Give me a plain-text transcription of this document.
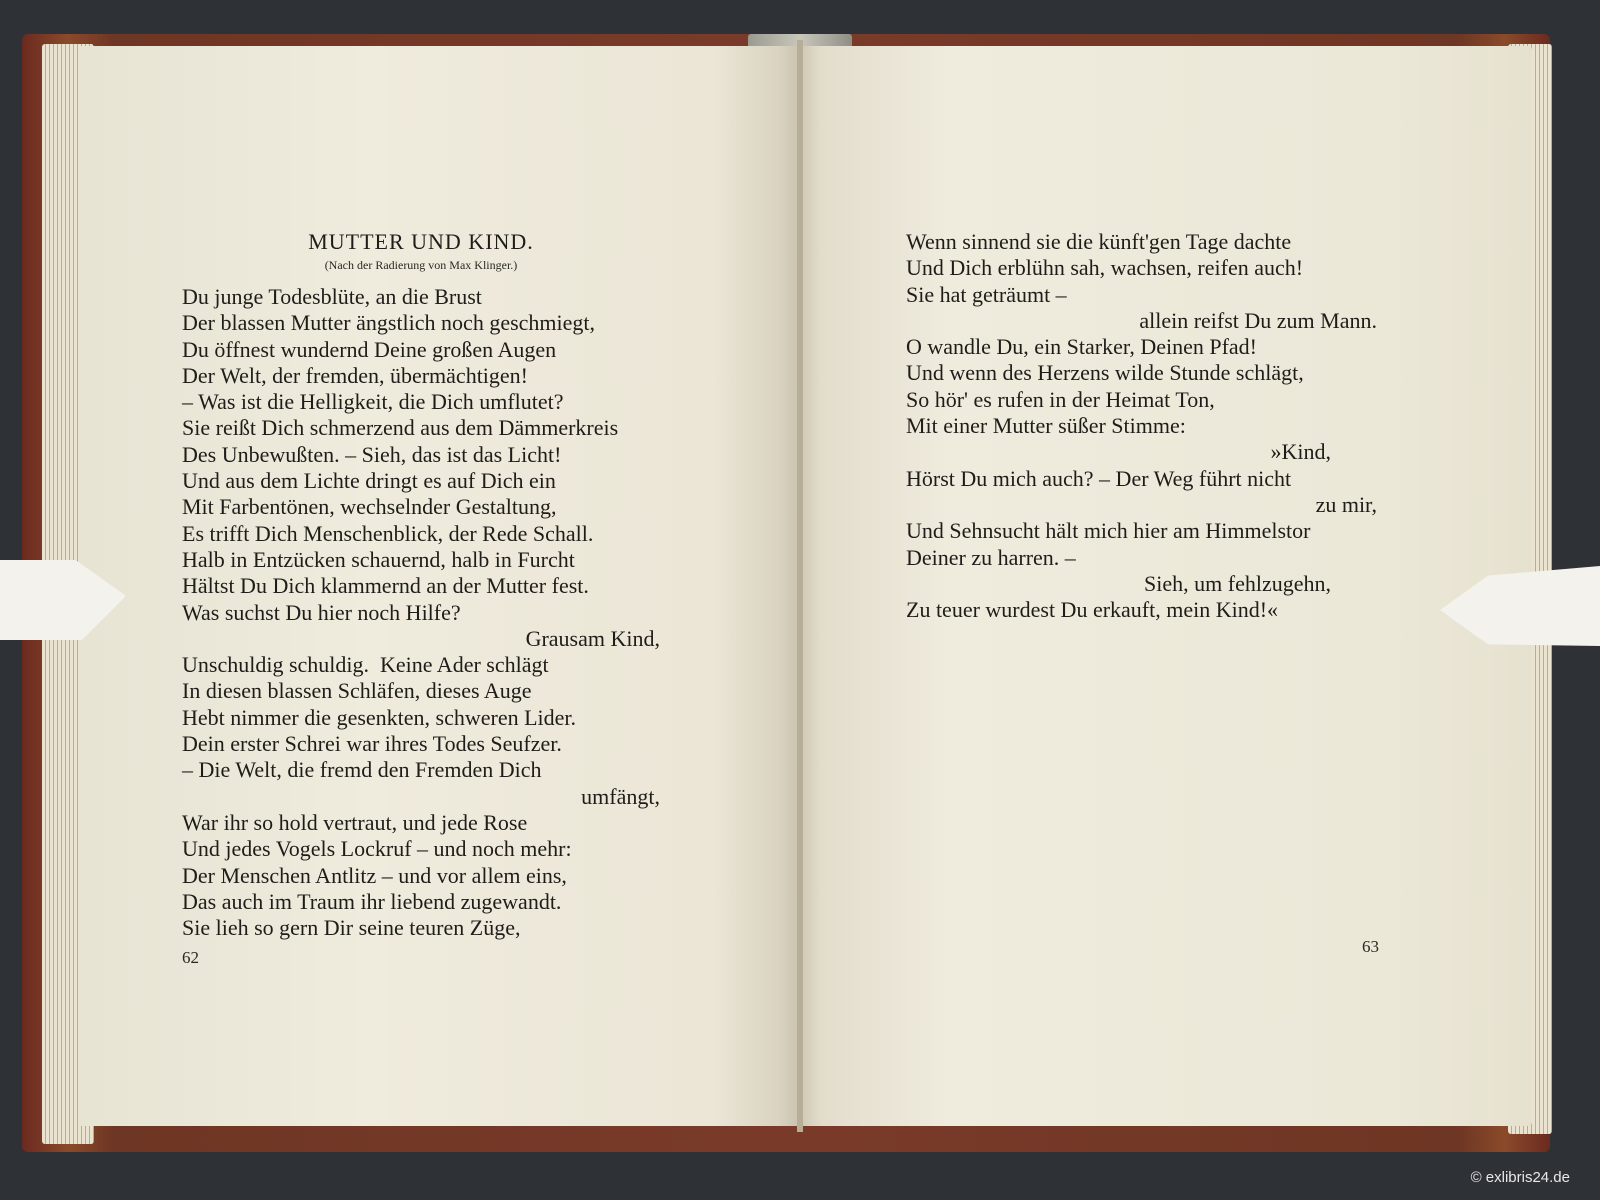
MUTTER UND KIND.
(Nach der Radierung von Max Klinger.)
Du junge Todesblüte, an die Brust
Der blassen Mutter ängstlich noch geschmiegt,
Du öffnest wundernd Deine großen Augen
Der Welt, der fremden, übermächtigen!
– Was ist die Helligkeit, die Dich umflutet?
Sie reißt Dich schmerzend aus dem Dämmerkreis
Des Unbewußten. – Sieh, das ist das Licht!
Und aus dem Lichte dringt es auf Dich ein
Mit Farbentönen, wechselnder Gestaltung,
Es trifft Dich Menschenblick, der Rede Schall.
Halb in Entzücken schauernd, halb in Furcht
Hältst Du Dich klammernd an der Mutter fest.
Was suchst Du hier noch Hilfe?
Grausam Kind,
Unschuldig schuldig.  Keine Ader schlägt
In diesen blassen Schläfen, dieses Auge
Hebt nimmer die gesenkten, schweren Lider.
Dein erster Schrei war ihres Todes Seufzer.
– Die Welt, die fremd den Fremden Dich
umfängt,
War ihr so hold vertraut, und jede Rose
Und jedes Vogels Lockruf – und noch mehr:
Der Menschen Antlitz – und vor allem eins,
Das auch im Traum ihr liebend zugewandt.
Sie lieh so gern Dir seine teuren Züge,
62
Wenn sinnend sie die künft'gen Tage dachte
Und Dich erblühn sah, wachsen, reifen auch!
Sie hat geträumt –
allein reifst Du zum Mann.
O wandle Du, ein Starker, Deinen Pfad!
Und wenn des Herzens wilde Stunde schlägt,
So hör' es rufen in der Heimat Ton,
Mit einer Mutter süßer Stimme:
»Kind,
Hörst Du mich auch? – Der Weg führt nicht
zu mir,
Und Sehnsucht hält mich hier am Himmelstor
Deiner zu harren. –
Sieh, um fehlzugehn,
Zu teuer wurdest Du erkauft, mein Kind!«
63
© exlibris24.de
